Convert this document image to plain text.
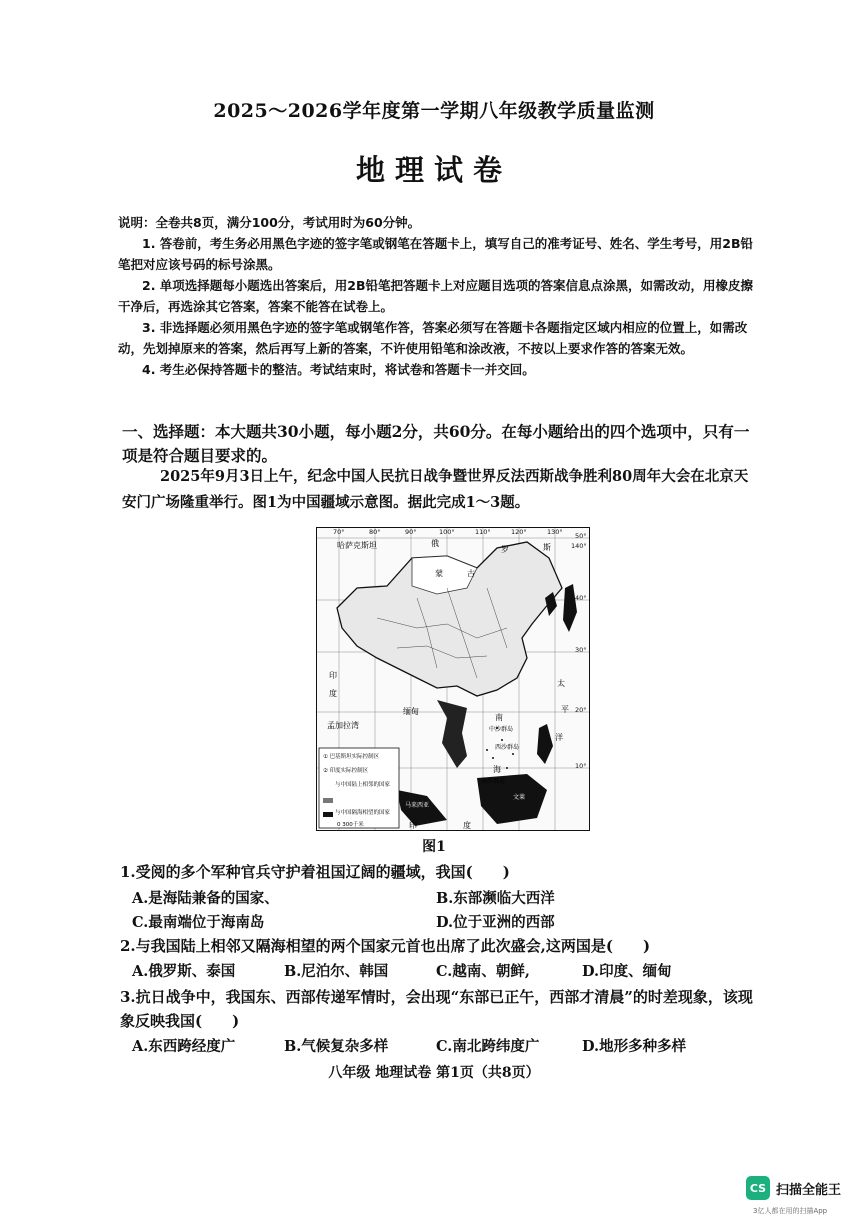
2025～2026学年度第一学期八年级教学质量监测
地理试卷

说明：全卷共8页，满分100分，考试用时为60分钟。

1. 答卷前，考生务必用黑色字迹的签字笔或钢笔在答题卡上，填写自己的准考证号、姓名、学生考号，用2B铅笔把对应该号码的标号涂黑。

2. 单项选择题每小题选出答案后，用2B铅笔把答题卡上对应题目选项的答案信息点涂黑，如需改动，用橡皮擦干净后，再选涂其它答案，答案不能答在试卷上。

3. 非选择题必须用黑色字迹的签字笔或钢笔作答，答案必须写在答题卡各题指定区域内相应的位置上，如需改动，先划掉原来的答案，然后再写上新的答案，不许使用铅笔和涂改液，不按以上要求作答的答案无效。

4. 考生必保持答题卡的整洁。考试结束时，将试卷和答题卡一并交回。

一、选择题：本大题共30小题，每小题2分，共60分。在每小题给出的四个选项中，只有一项是符合题目要求的。
2025年9月3日上午，纪念中国人民抗日战争暨世界反法西斯战争胜利80周年大会在北京天安门广场隆重举行。图1为中国疆域示意图。据此完成1～3题。
70°	80°	90°	100°	110°	120°	130°
140°
50°
40°
30°
20°
10°
哈萨克斯坦	俄
罗	斯
蒙	古
印
度
孟加拉湾
缅甸
南
中沙群岛
西沙群岛
南沙群岛
海
太
平
洋
印	度
马来西亚
文莱
① 巴基斯坦实际控制区
② 印度实际控制区
与中国陆上相邻的国家
与中国隔海相望的国家
0 300千米
图1
1.受阅的多个军种官兵守护着祖国辽阔的疆域，我国(　　)
A.是海陆兼备的国家、	B.东部濒临大西洋
C.最南端位于海南岛	D.位于亚洲的西部
2.与我国陆上相邻又隔海相望的两个国家元首也出席了此次盛会,这两国是(　　)
A.俄罗斯、泰国	B.尼泊尔、韩国	C.越南、朝鲜,	D.印度、缅甸
3.抗日战争中，我国东、西部传递军情时，会出现“东部已正午，西部才清晨”的时差现象，该现象反映我国(　　)
A.东西跨经度广	B.气候复杂多样	C.南北跨纬度广	D.地形多种多样
八年级 地理试卷 第1页（共8页）
CS 扫描全能王
3亿人都在用的扫描App
